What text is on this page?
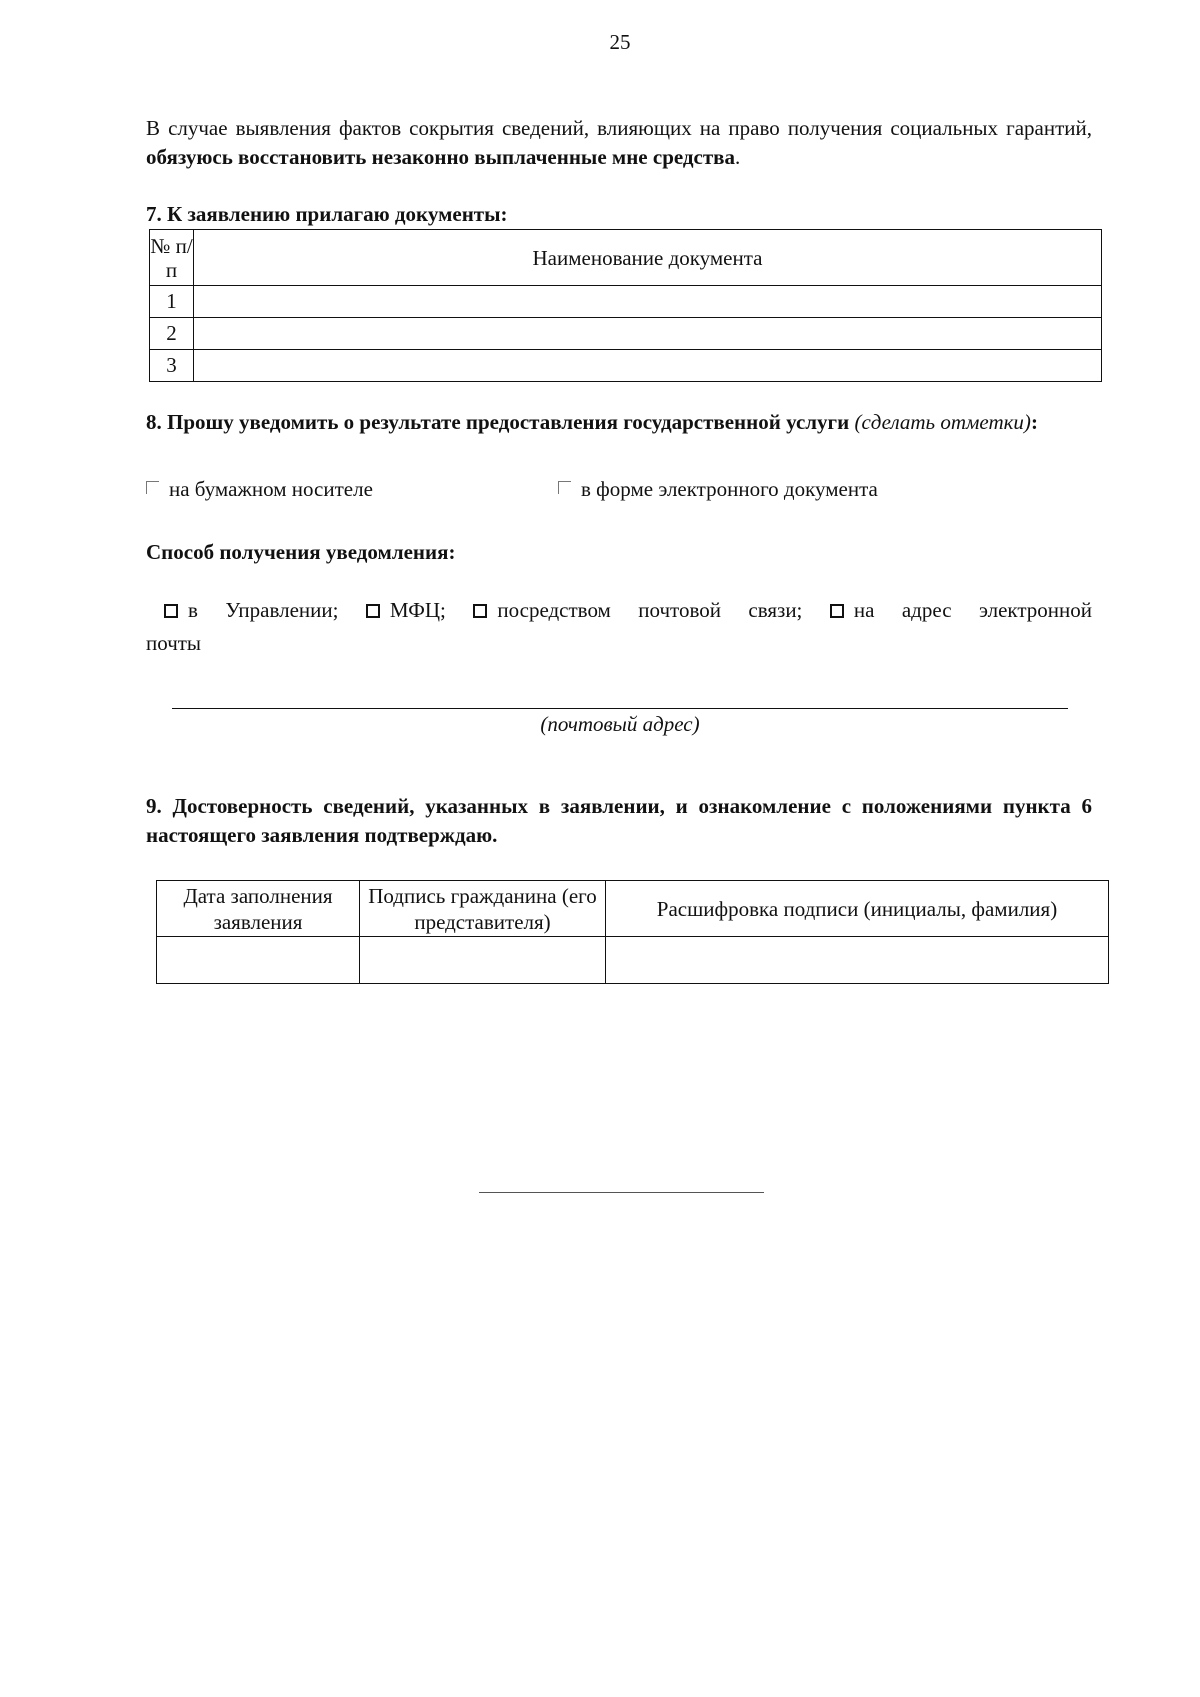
25
В случае выявления фактов сокрытия сведений, влияющих на право получения социальных гарантий, обязуюсь восстановить незаконно выплаченные мне средства.
7. К заявлению прилагаю документы:
№ п/п	Наименование документа
1	
2	
3	
8. Прошу уведомить о результате предоставления государственной услуги (сделать отметки):
на бумажном носителе	в форме электронного документа
Способ получения уведомления:
в Управлении; МФЦ; посредством почтовой связи; на адрес электронной
почты
(почтовый адрес)
9. Достоверность сведений, указанных в заявлении, и ознакомление с положениями пункта 6 настоящего заявления подтверждаю.
Дата заполнения заявления	Подпись гражданина (его представителя)	Расшифровка подписи (инициалы, фамилия)
